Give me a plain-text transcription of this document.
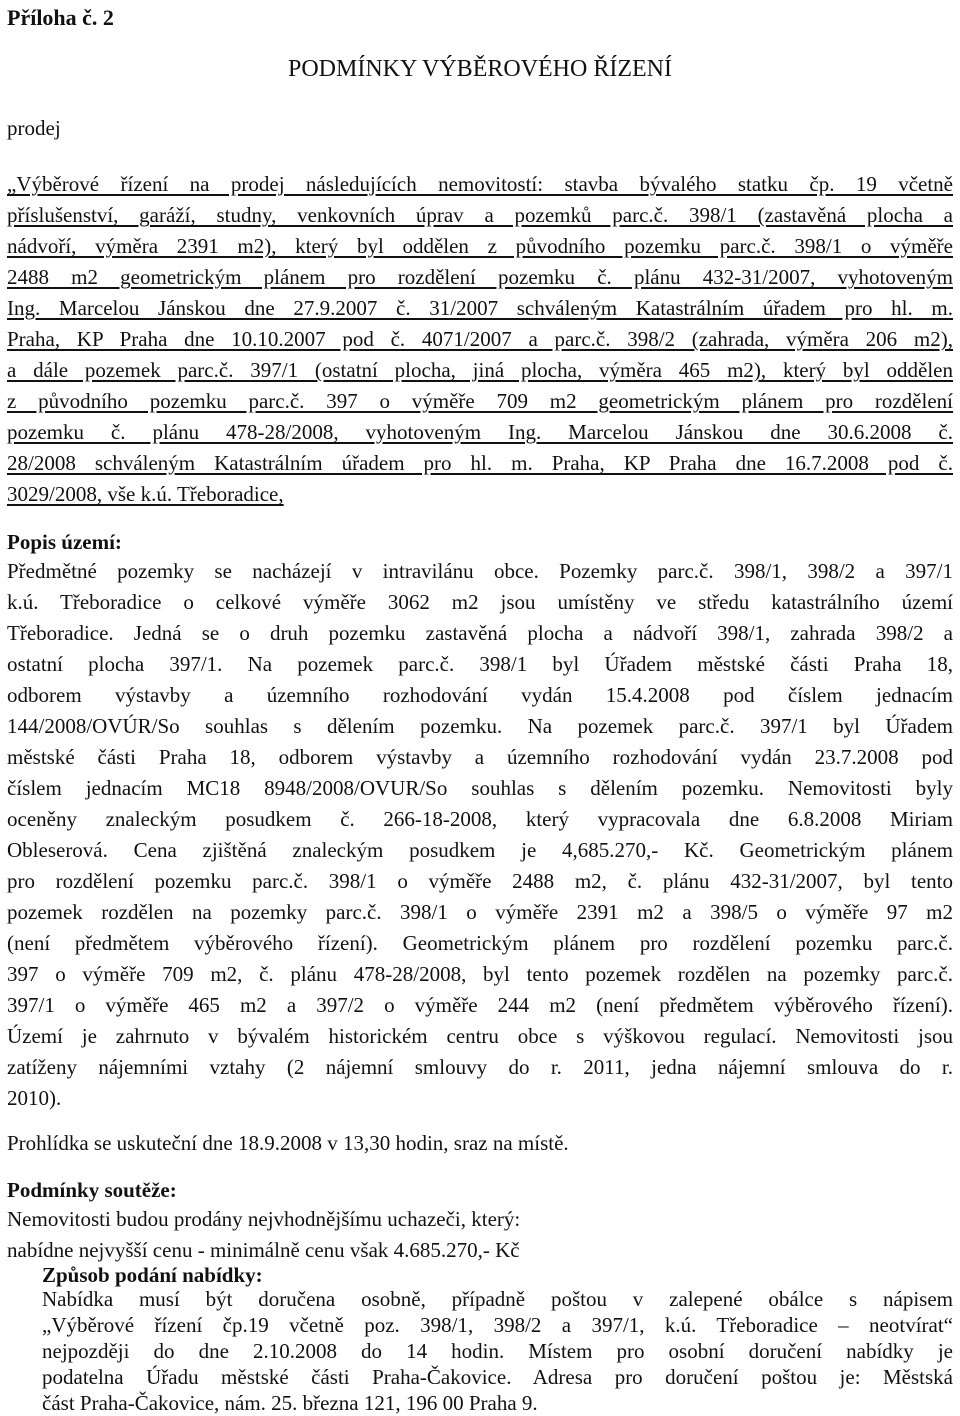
Příloha č. 2
PODMÍNKY VÝBĚROVÉHO ŘÍZENÍ
prodej
„Výběrové řízení na prodej následujících nemovitostí: stavba bývalého statku čp. 19 včetně
příslušenství, garáží, studny, venkovních úprav a pozemků parc.č. 398/1 (zastavěná plocha a
nádvoří, výměra 2391 m2), který byl oddělen z původního pozemku parc.č. 398/1 o výměře
2488 m2 geometrickým plánem pro rozdělení pozemku č. plánu 432-31/2007, vyhotoveným
Ing. Marcelou Jánskou dne 27.9.2007 č. 31/2007 schváleným Katastrálním úřadem pro hl. m.
Praha, KP Praha dne 10.10.2007 pod č. 4071/2007 a parc.č. 398/2 (zahrada, výměra 206 m2),
a dále pozemek parc.č. 397/1 (ostatní plocha, jiná plocha, výměra 465 m2), který byl oddělen
z původního pozemku parc.č. 397 o výměře 709 m2 geometrickým plánem pro rozdělení
pozemku č. plánu 478-28/2008, vyhotoveným Ing. Marcelou Jánskou dne 30.6.2008 č.
28/2008 schváleným Katastrálním úřadem pro hl. m. Praha, KP Praha dne 16.7.2008 pod č.
3029/2008, vše k.ú. Třeboradice,
Popis území:
Předmětné pozemky se nacházejí v intravilánu obce. Pozemky parc.č. 398/1, 398/2 a 397/1
k.ú. Třeboradice o celkové výměře 3062 m2 jsou umístěny ve středu katastrálního území
Třeboradice. Jedná se o druh pozemku zastavěná plocha a nádvoří 398/1, zahrada 398/2 a
ostatní plocha 397/1. Na pozemek parc.č. 398/1 byl Úřadem městské části Praha 18,
odborem výstavby a územního rozhodování vydán 15.4.2008 pod číslem jednacím
144/2008/OVÚR/So souhlas s dělením pozemku. Na pozemek parc.č. 397/1 byl Úřadem
městské části Praha 18, odborem výstavby a územního rozhodování vydán 23.7.2008 pod
číslem jednacím MC18 8948/2008/OVUR/So souhlas s dělením pozemku. Nemovitosti byly
oceněny znaleckým posudkem č. 266-18-2008, který vypracovala dne 6.8.2008 Miriam
Obleserová. Cena zjištěná znaleckým posudkem je 4,685.270,- Kč. Geometrickým plánem
pro rozdělení pozemku parc.č. 398/1 o výměře 2488 m2, č. plánu 432-31/2007, byl tento
pozemek rozdělen na pozemky parc.č. 398/1 o výměře 2391 m2 a 398/5 o výměře 97 m2
(není předmětem výběrového řízení). Geometrickým plánem pro rozdělení pozemku parc.č.
397 o výměře 709 m2, č. plánu 478-28/2008, byl tento pozemek rozdělen na pozemky parc.č.
397/1 o výměře 465 m2 a 397/2 o výměře 244 m2 (není předmětem výběrového řízení).
Území je zahrnuto v bývalém historickém centru obce s výškovou regulací. Nemovitosti jsou
zatíženy nájemními vztahy (2 nájemní smlouvy do r. 2011, jedna nájemní smlouva do r.
2010).
Prohlídka se uskuteční dne 18.9.2008 v 13,30 hodin, sraz na místě.
Podmínky soutěže:
Nemovitosti budou prodány nejvhodnějšímu uchazeči, který:
nabídne nejvyšší cenu - minimálně cenu však 4.685.270,- Kč
Způsob podání nabídky:
Nabídka musí být doručena osobně, případně poštou v zalepené obálce s nápisem
„Výběrové řízení čp.19 včetně poz. 398/1, 398/2 a 397/1, k.ú. Třeboradice – neotvírat“
nejpozději do dne 2.10.2008 do 14 hodin. Místem pro osobní doručení nabídky je
podatelna Úřadu městské části Praha-Čakovice. Adresa pro doručení poštou je: Městská
část Praha-Čakovice, nám. 25. března 121, 196 00 Praha 9.
